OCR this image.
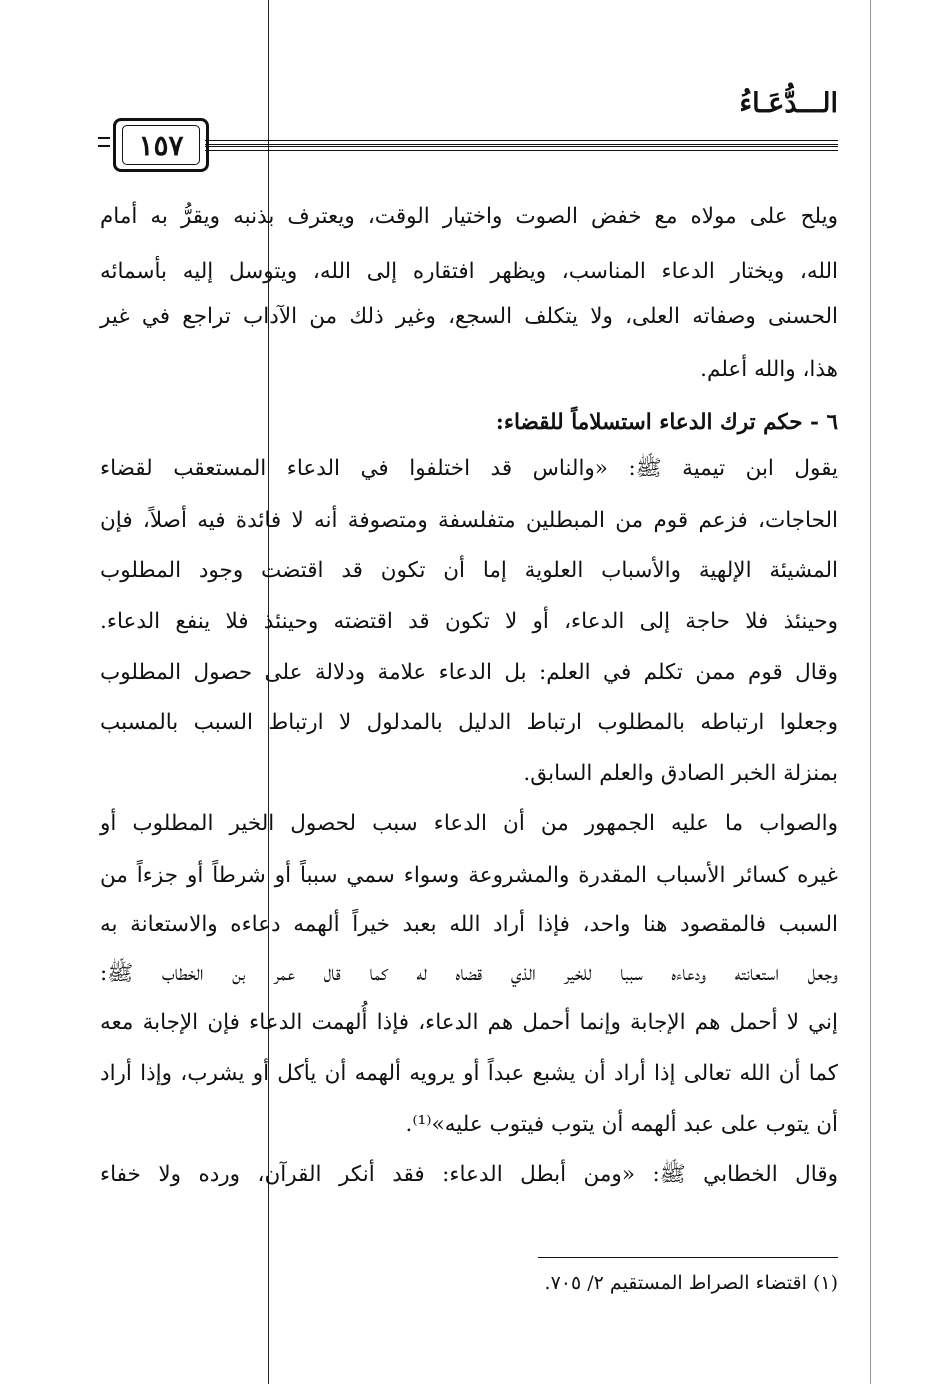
الـــدُّعَـاءُ
١٥٧
ويلح على مولاه مع خفض الصوت واختيار الوقت، ويعترف بذنبه ويقرُّ به أمام
الله، ويختار الدعاء المناسب، ويظهر افتقاره إلى الله، ويتوسل إليه بأسمائه
الحسنى وصفاته العلى، ولا يتكلف السجع، وغير ذلك من الآداب تراجع في غير
هذا، والله أعلم.
٦ - حكم ترك الدعاء استسلاماً للقضاء:
يقول ابن تيمية ﷺ: «والناس قد اختلفوا في الدعاء المستعقب لقضاء
الحاجات، فزعم قوم من المبطلين متفلسفة ومتصوفة أنه لا فائدة فيه أصلاً، فإن
المشيئة الإلهية والأسباب العلوية إما أن تكون قد اقتضت وجود المطلوب
وحينئذ فلا حاجة إلى الدعاء، أو لا تكون قد اقتضته وحينئذ فلا ينفع الدعاء.
وقال قوم ممن تكلم في العلم: بل الدعاء علامة ودلالة على حصول المطلوب
وجعلوا ارتباطه بالمطلوب ارتباط الدليل بالمدلول لا ارتباط السبب بالمسبب
بمنزلة الخبر الصادق والعلم السابق.
والصواب ما عليه الجمهور من أن الدعاء سبب لحصول الخير المطلوب أو
غيره كسائر الأسباب المقدرة والمشروعة وسواء سمي سبباً أو شرطاً أو جزءاً من
السبب فالمقصود هنا واحد، فإذا أراد الله بعبد خيراً ألهمه دعاءه والاستعانة به
وجعل استعانته ودعاءه سببا للخير الذي قضاه له كما قال عمر بن الخطاب ﷺ:
إني لا أحمل هم الإجابة وإنما أحمل هم الدعاء، فإذا أُلهمت الدعاء فإن الإجابة معه
كما أن الله تعالى إذا أراد أن يشبع عبداً أو يرويه ألهمه أن يأكل أو يشرب، وإذا أراد
أن يتوب على عبد ألهمه أن يتوب فيتوب عليه»⁽¹⁾.
وقال الخطابي ﷺ: «ومن أبطل الدعاء: فقد أنكر القرآن، ورده ولا خفاء
(١) اقتضاء الصراط المستقيم ٢/ ٧٠٥.
